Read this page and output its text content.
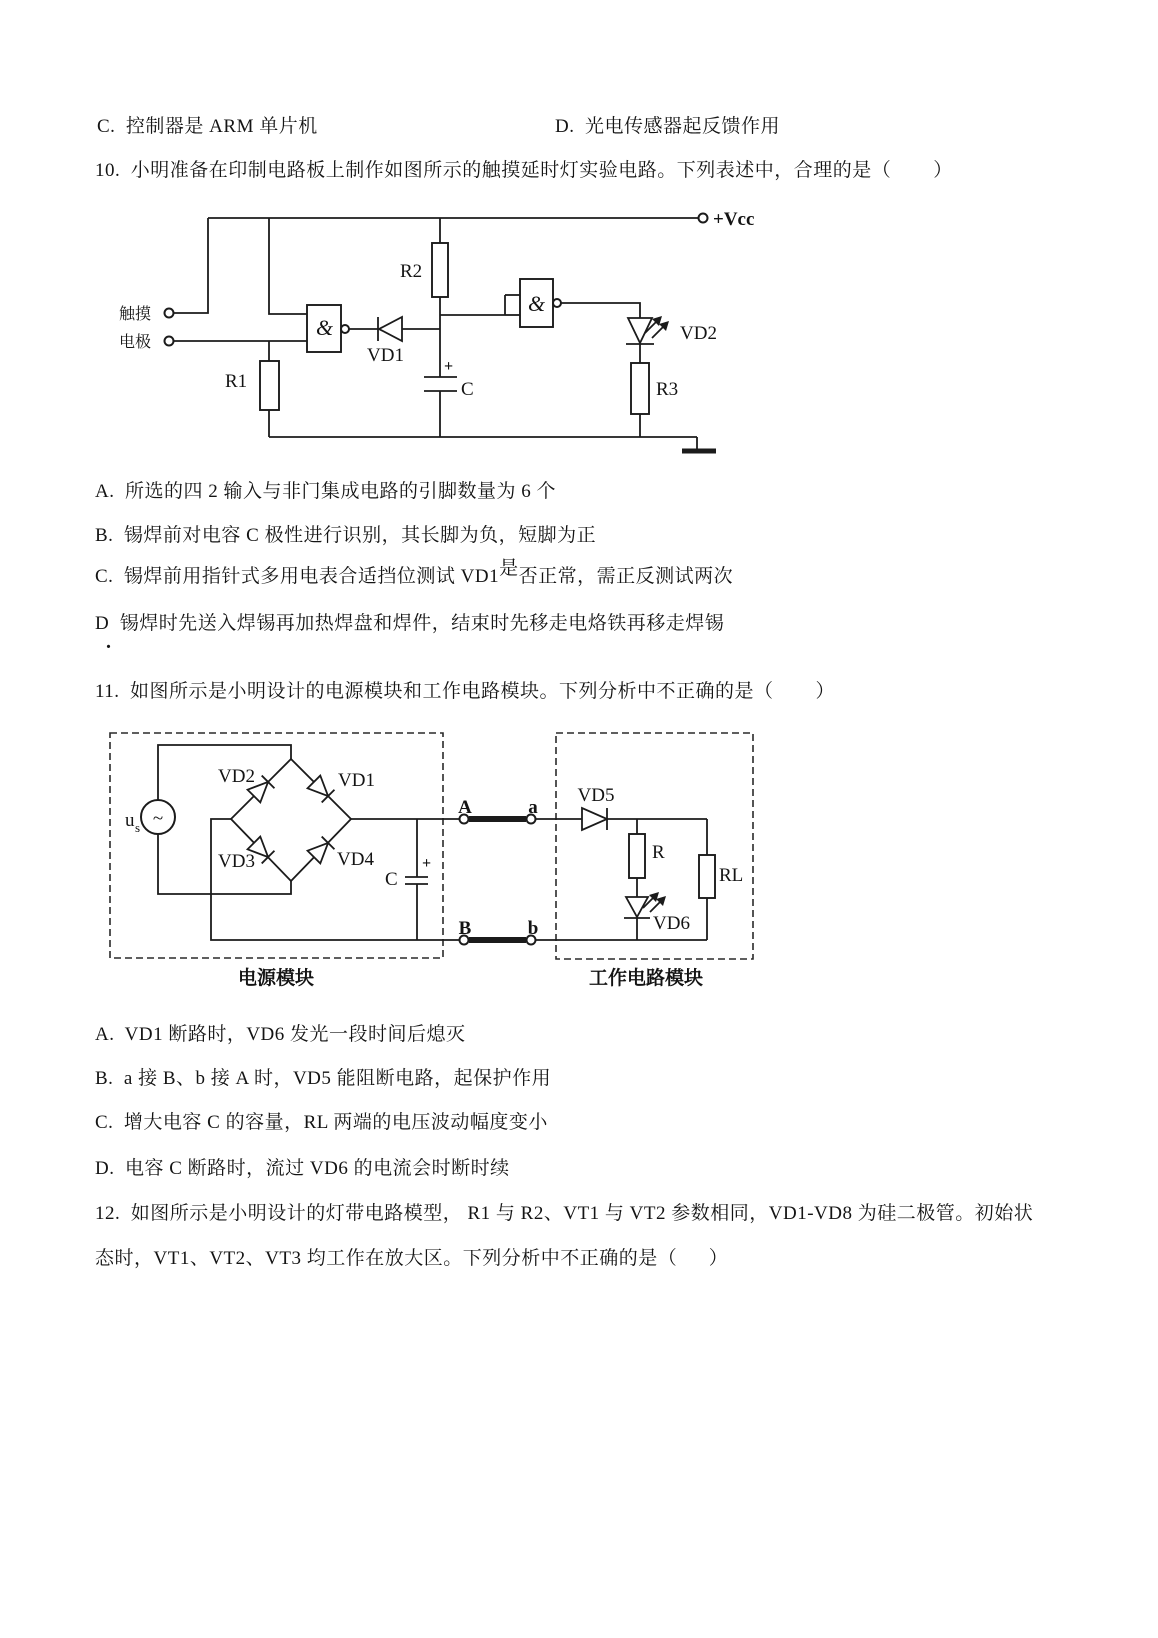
C.  控制器是 ARM 单片机	D.  光电传感器起反馈作用
10.  小明准备在印制电路板上制作如图所示的触摸延时灯实验电路。下列表述中，合理的是（        ）
A.  所选的四 2 输入与非门集成电路的引脚数量为 6 个
B.  锡焊前对电容 C 极性进行识别，其长脚为负，短脚为正
C.  锡焊前用指针式多用电表合适挡位测试 VD1是否正常，需正反测试两次
D  锡焊时先送入焊锡再加热焊盘和焊件，结束时先移走电烙铁再移走焊锡
.
11.  如图所示是小明设计的电源模块和工作电路模块。下列分析中不正确的是（        ）
A.  VD1 断路时，VD6 发光一段时间后熄灭
B.  a 接 B、b 接 A 时，VD5 能阻断电路，起保护作用
C.  增大电容 C 的容量，RL 两端的电压波动幅度变小
D.  电容 C 断路时，流过 VD6 的电流会时断时续
12.  如图所示是小明设计的灯带电路模型， R1 与 R2、VT1 与 VT2 参数相同，VD1-VD8 为硅二极管。初始状
态时，VT1、VT2、VT3 均工作在放大区。下列分析中不正确的是（      ）
+Vcc
触摸
电极
R1
&
VD1
R2
+
C
&
VD2
R3
电源模块	工作电路模块
~
u s
VD2	VD1
VD3	VD4	+
C
A	a
B	b
VD5
R
VD6
RL
